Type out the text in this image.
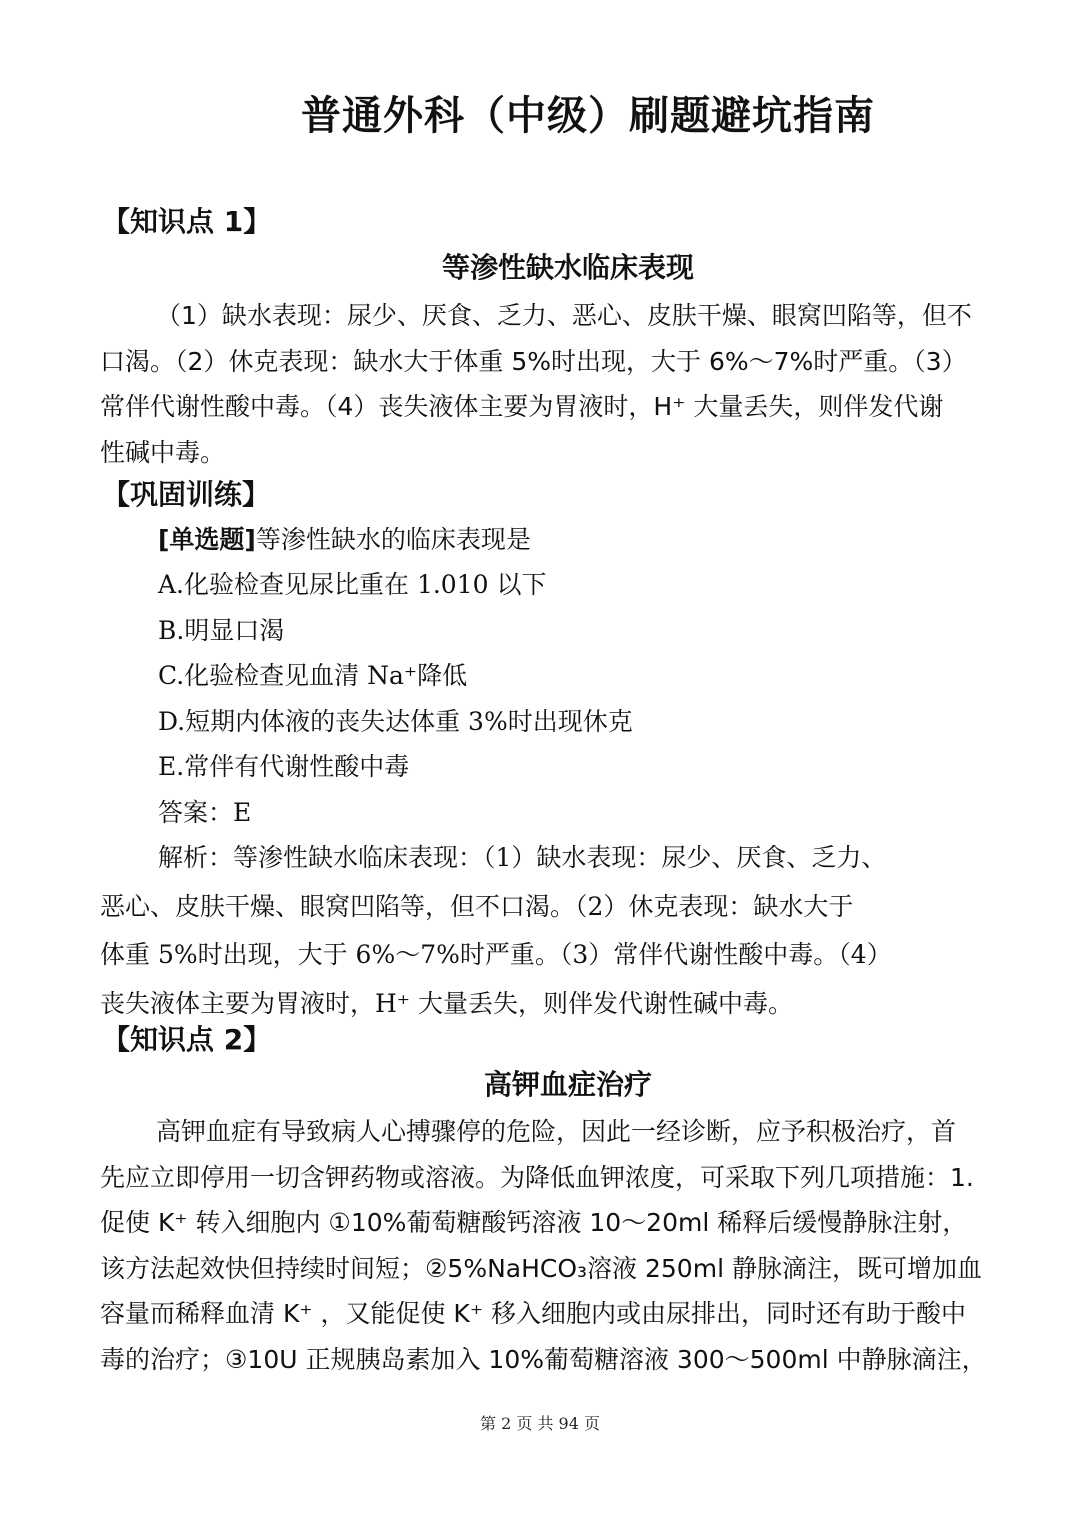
普通外科（中级）刷题避坑指南
【知识点 1】
等渗性缺水临床表现

（1）缺水表现：尿少、厌食、乏力、恶心、皮肤干燥、眼窝凹陷等，但不

口渴。（2）休克表现：缺水大于体重 5%时出现，大于 6%～7%时严重。（3）

常伴代谢性酸中毒。（4）丧失液体主要为胃液时，H⁺ 大量丢失，则伴发代谢

性碱中毒。

【巩固训练】
[单选题]等渗性缺水的临床表现是
A.化验检查见尿比重在 1.010 以下
B.明显口渴
C.化验检查见血清 Na⁺降低
D.短期内体液的丧失达体重 3%时出现休克
E.常伴有代谢性酸中毒
答案：E

解析：等渗性缺水临床表现：（1）缺水表现：尿少、厌食、乏力、

恶心、皮肤干燥、眼窝凹陷等，但不口渴。（2）休克表现：缺水大于

体重 5%时出现，大于 6%～7%时严重。（3）常伴代谢性酸中毒。（4）

丧失液体主要为胃液时，H⁺ 大量丢失，则伴发代谢性碱中毒。

【知识点 2】
高钾血症治疗

高钾血症有导致病人心搏骤停的危险，因此一经诊断，应予积极治疗，首

先应立即停用一切含钾药物或溶液。为降低血钾浓度，可采取下列几项措施：1.

促使 K⁺ 转入细胞内 ①10%葡萄糖酸钙溶液 10～20ml 稀释后缓慢静脉注射，

该方法起效快但持续时间短；②5%NaHCO₃溶液 250ml 静脉滴注，既可增加血

容量而稀释血清 K⁺ ，又能促使 K⁺ 移入细胞内或由尿排出，同时还有助于酸中

毒的治疗；③10U 正规胰岛素加入 10%葡萄糖溶液 300～500ml 中静脉滴注，

第 2 页 共 94 页
